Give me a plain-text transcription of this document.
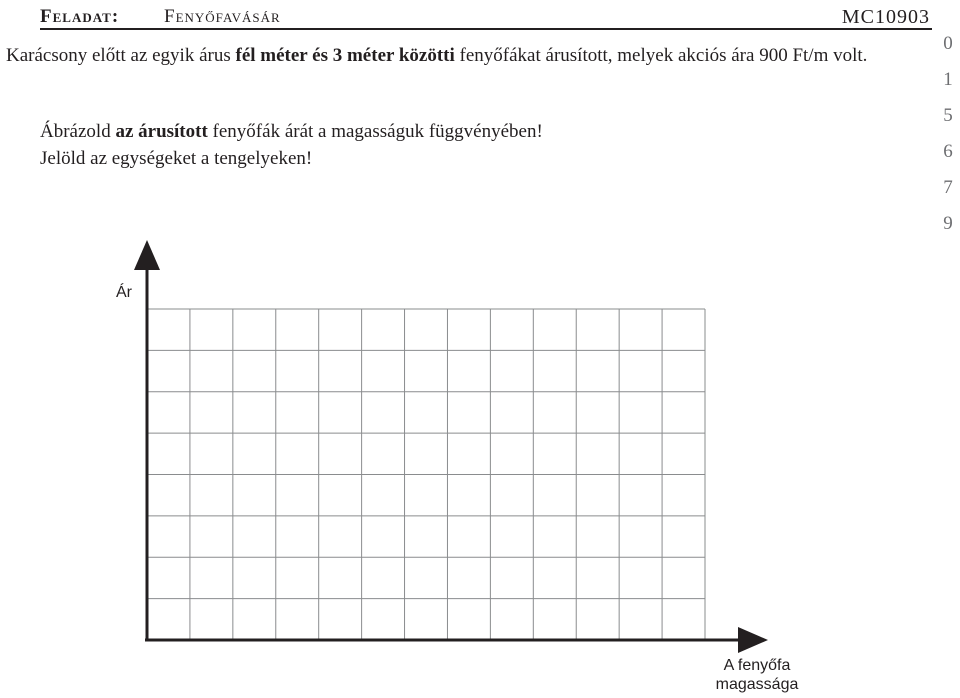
Feladat: Fenyőfavásár	MC10903
Karácsony előtt az egyik árus fél méter és 3 méter közötti fenyőfákat árusított, melyek akciós ára 900 Ft/m volt.
Ábrázold az árusított fenyőfák árát a magasságuk függvényében!
Jelöld az egységeket a tengelyeken!
0
1
5
6
7
9
Ár
A fenyőfa
magassága
